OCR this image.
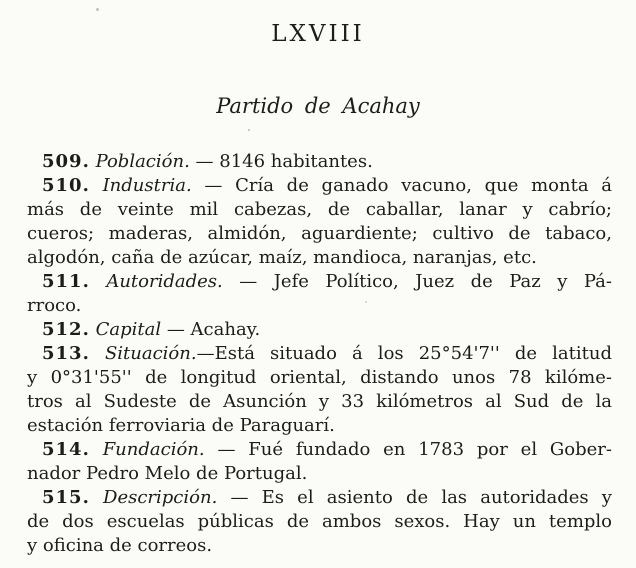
LXVIII
Partido de Acahay
509. Población. — 8146 habitantes.
510. Industria. — Cría de ganado vacuno, que monta á
más de veinte mil cabezas, de caballar, lanar y cabrío;
cueros; maderas, almidón, aguardiente; cultivo de tabaco,
algodón, caña de azúcar, maíz, mandioca, naranjas, etc.
511. Autoridades. — Jefe Político, Juez de Paz y Pá-
rroco.
512. Capital — Acahay.
513. Situación.—Está situado á los 25°54'7'' de latitud
y 0°31'55'' de longitud oriental, distando unos 78 kilóme-
tros al Sudeste de Asunción y 33 kilómetros al Sud de la
estación ferroviaria de Paraguarí.
514. Fundación. — Fué fundado en 1783 por el Gober-
nador Pedro Melo de Portugal.
515. Descripción. — Es el asiento de las autoridades y
de dos escuelas públicas de ambos sexos. Hay un templo
y oficina de correos.
